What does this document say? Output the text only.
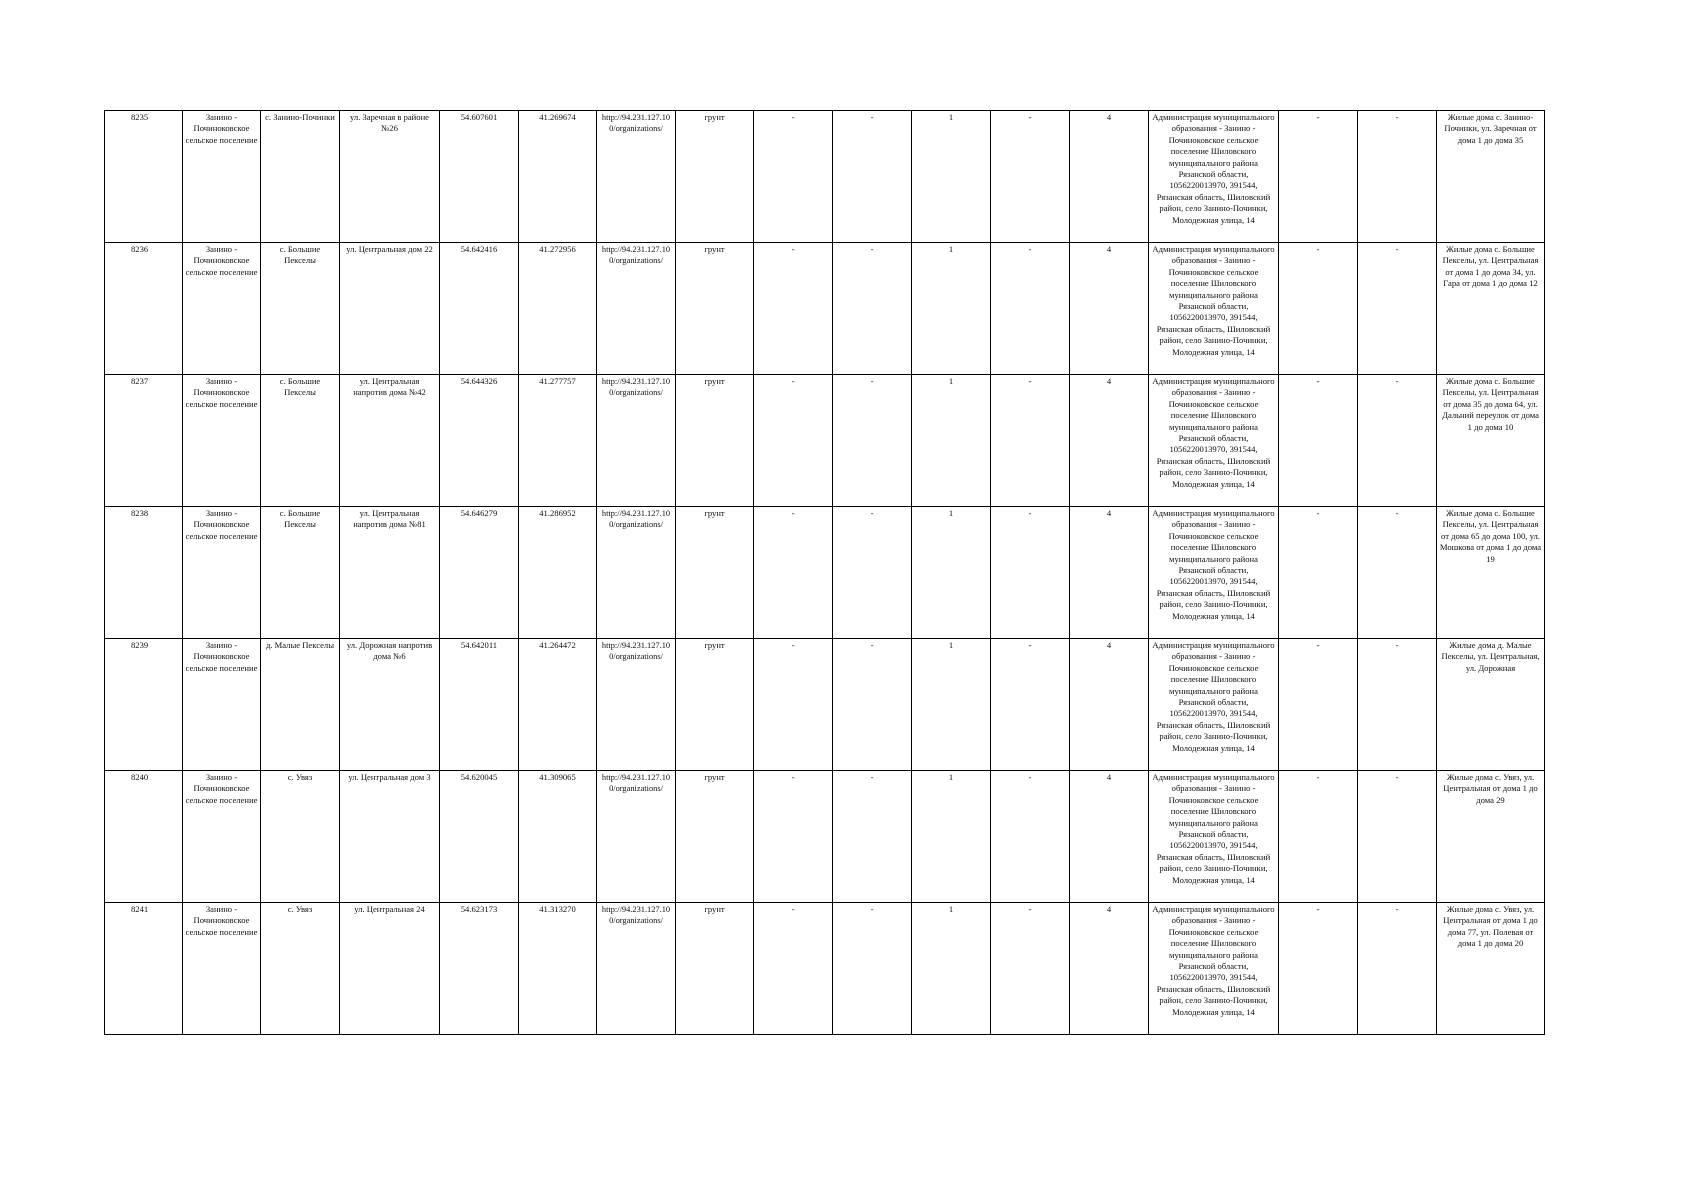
8235	Занино - Починоковское сельское поселение	с. Занино-Починки	ул. Заречная в районе №26	54.607601	41.269674	http://94.231.127.100/organizations/	грунт	-	-	1	-	4	Администрация муниципального образования - Занино - Починоковское сельское поселение Шиловского муниципального района Рязанской области, 1056220013970, 391544, Рязанская область, Шиловский район, село Занино-Починки, Молодежная улица, 14	-	-	Жилые дома с. Занино-Починки, ул. Заречная от дома 1 до дома 35
8236	Занино - Починоковское сельское поселение	с. Большие Пекселы	ул. Центральная дом 22	54.642416	41.272956	http://94.231.127.100/organizations/	грунт	-	-	1	-	4	Администрация муниципального образования - Занино - Починоковское сельское поселение Шиловского муниципального района Рязанской области, 1056220013970, 391544, Рязанская область, Шиловский район, село Занино-Починки, Молодежная улица, 14	-	-	Жилые дома с. Большие Пекселы, ул. Центральная от дома 1 до дома 34, ул. Гара от дома 1 до дома 12
8237	Занино - Починоковское сельское поселение	с. Большие Пекселы	ул. Центральная напротив дома №42	54.644326	41.277757	http://94.231.127.100/organizations/	грунт	-	-	1	-	4	Администрация муниципального образования - Занино - Починоковское сельское поселение Шиловского муниципального района Рязанской области, 1056220013970, 391544, Рязанская область, Шиловский район, село Занино-Починки, Молодежная улица, 14	-	-	Жилые дома с. Большие Пекселы, ул. Центральная от дома 35 до дома 64, ул. Дальний переулок от дома 1 до дома 10
8238	Занино - Починоковское сельское поселение	с. Большие Пекселы	ул. Центральная напротив дома №81	54.646279	41.286952	http://94.231.127.100/organizations/	грунт	-	-	1	-	4	Администрация муниципального образования - Занино - Починоковское сельское поселение Шиловского муниципального района Рязанской области, 1056220013970, 391544, Рязанская область, Шиловский район, село Занино-Починки, Молодежная улица, 14	-	-	Жилые дома с. Большие Пекселы, ул. Центральная от дома 65 до дома 100, ул. Мошкова от дома 1 до дома 19
8239	Занино - Починоковское сельское поселение	д. Малые Пекселы	ул. Дорожная напротив дома №6	54.642011	41.264472	http://94.231.127.100/organizations/	грунт	-	-	1	-	4	Администрация муниципального образования - Занино - Починоковское сельское поселение Шиловского муниципального района Рязанской области, 1056220013970, 391544, Рязанская область, Шиловский район, село Занино-Починки, Молодежная улица, 14	-	-	Жилые дома д. Малые Пекселы, ул. Центральная, ул. Дорожная
8240	Занино - Починоковское сельское поселение	с. Увяз	ул. Центральная дом 3	54.620045	41.309065	http://94.231.127.100/organizations/	грунт	-	-	1	-	4	Администрация муниципального образования - Занино - Починоковское сельское поселение Шиловского муниципального района Рязанской области, 1056220013970, 391544, Рязанская область, Шиловский район, село Занино-Починки, Молодежная улица, 14	-	-	Жилые дома с. Увяз, ул. Центральная от дома 1 до дома 29
8241	Занино - Починоковское сельское поселение	с. Увяз	ул. Центральная 24	54.623173	41.313270	http://94.231.127.100/organizations/	грунт	-	-	1	-	4	Администрация муниципального образования - Занино - Починоковское сельское поселение Шиловского муниципального района Рязанской области, 1056220013970, 391544, Рязанская область, Шиловский район, село Занино-Починки, Молодежная улица, 14	-	-	Жилые дома с. Увяз, ул. Центральная от дома 1 до дома 77, ул. Полевая от дома 1 до дома 20
